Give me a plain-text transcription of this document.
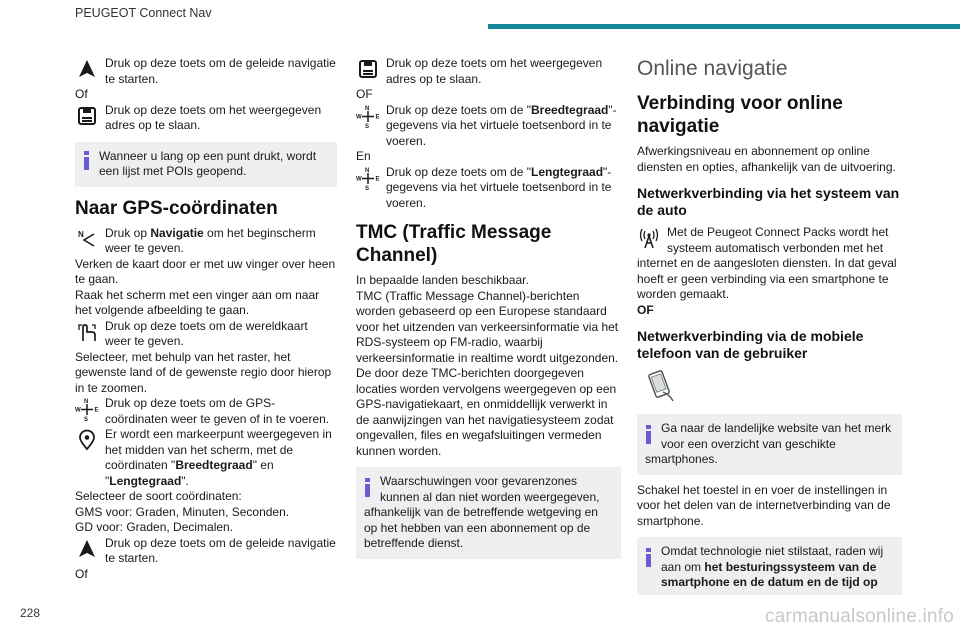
PEUGEOT Connect Nav

Druk op deze toets om de geleide navigatie te starten.

Of

Druk op deze toets om het weergegeven adres op te slaan.

Wanneer u lang op een punt drukt, wordt een lijst met POIs geopend.

Naar GPS-coördinaten
N Druk op Navigatie om het beginscherm weer te geven.

Verken de kaart door er met uw vinger over heen te gaan.

Raak het scherm met een vinger aan om naar het volgende afbeelding te gaan.

Druk op deze toets om de wereldkaart weer te geven.

Selecteer, met behulp van het raster, het gewenste land of de gewenste regio door hierop in te zoomen.

N
S
W E

Druk op deze toets om de GPS-coördinaten weer te geven of in te voeren.

Er wordt een markeerpunt weergegeven in het midden van het scherm, met de coördinaten "Breedtegraad" en "Lengtegraad".

Selecteer de soort coördinaten:

GMS voor: Graden, Minuten, Seconden.

GD voor: Graden, Decimalen.

Druk op deze toets om de geleide navigatie te starten.

Of

Druk op deze toets om het weergegeven adres op te slaan.

OF

N
S
W E

Druk op deze toets om de "Breedtegraad"-gegevens via het virtuele toetsenbord in te voeren.

En

N
S
W E

Druk op deze toets om de "Lengtegraad"-gegevens via het virtuele toetsenbord in te voeren.

TMC (Traffic Message Channel)

In bepaalde landen beschikbaar.

TMC (Traffic Message Channel)-berichten worden gebaseerd op een Europese standaard voor het uitzenden van verkeersinformatie via het RDS-systeem op FM-radio, waarbij verkeersinformatie in realtime wordt uitgezonden.

De door deze TMC-berichten doorgegeven locaties worden vervolgens weergegeven op een GPS-navigatiekaart, en onmiddellijk verwerkt in de aanwijzingen van het navigatiesysteem zodat ongevallen, files en wegafsluitingen vermeden kunnen worden.

Waarschuwingen voor gevarenzones kunnen al dan niet worden weergegeven,

afhankelijk van de betreffende wetgeving en op het hebben van een abonnement op de betreffende dienst.

Online navigatie
Verbinding voor online navigatie

Afwerkingsniveau en abonnement op online diensten en opties, afhankelijk van de uitvoering.

Netwerkverbinding via het systeem van de auto

Met de Peugeot Connect Packs wordt het systeem automatisch verbonden met het

internet en de aangesloten diensten. In dat geval hoeft er geen verbinding via een smartphone te worden gemaakt.

OF

Netwerkverbinding via de mobiele telefoon van de gebruiker

Ga naar de landelijke website van het merk voor een overzicht van geschikte

smartphones.

Schakel het toestel in en voer de instellingen in voor het delen van de internetverbinding van de smartphone.

Omdat technologie niet stilstaat, raden wij aan om het besturingssysteem van de smartphone en de datum en de tijd op

228	carmanualsonline.info
